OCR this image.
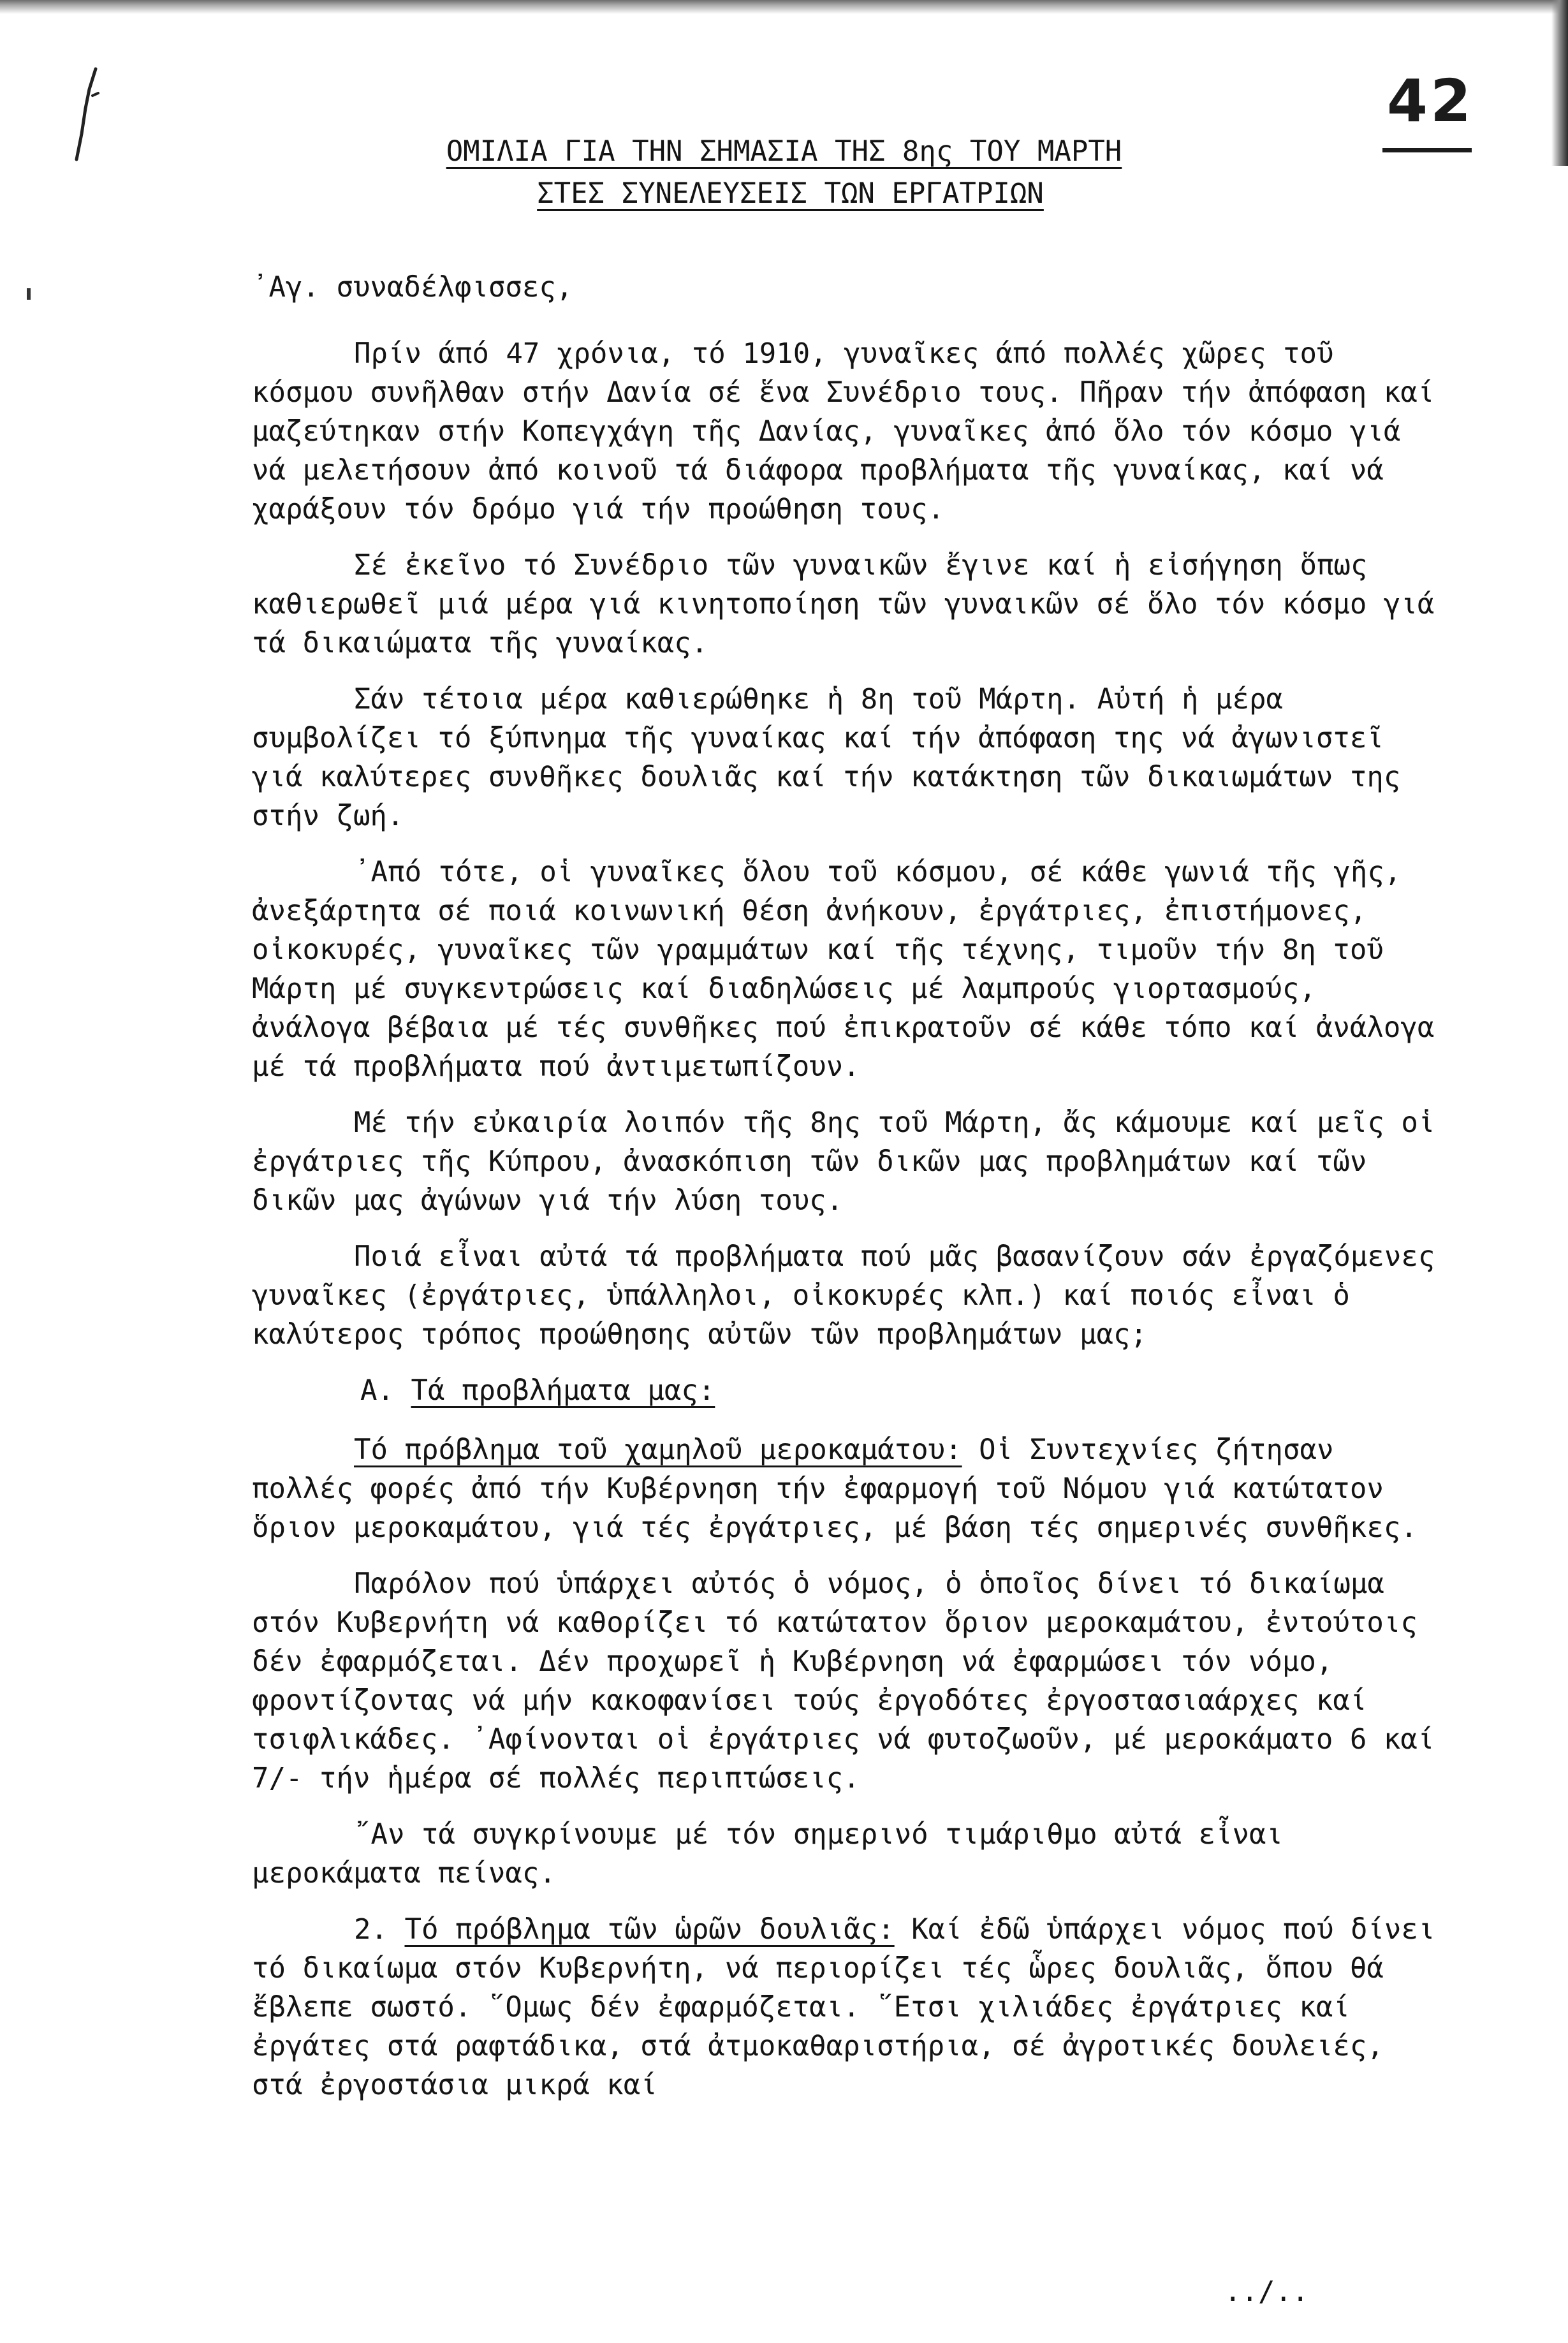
42
ΟΜΙΛΙΑ ΓΙΑ ΤΗΝ ΣΗΜΑΣΙΑ ΤΗΣ 8ης ΤΟΥ ΜΑΡΤΗ
ΣΤΕΣ ΣΥΝΕΛΕΥΣΕΙΣ ΤΩΝ ΕΡΓΑΤΡΙΩΝ

᾿Αγ. συναδέλφισσες,

Πρίν άπό 47 χρόνια, τό 1910, γυναῖκες άπό πολλές χῶρες τοῦ κόσμου συνῆλθαν στήν Δανία σέ ἕνα Συνέδριο τους. Πῆραν τήν ἀπόφαση καί μαζεύτηκαν στήν Κοπεγχάγη τῆς Δανίας, γυναῖκες ἀπό ὅλο τόν κόσμο γιά νά μελετήσουν ἀπό κοινοῦ τά διάφορα προβλήματα τῆς γυναίκας, καί νά χαράξουν τόν δρόμο γιά τήν προώθηση τους.

Σέ ἐκεῖνο τό Συνέδριο τῶν γυναικῶν ἔγινε καί ἡ εἰσήγηση ὅπως καθιερωθεῖ μιά μέρα γιά κινητοποίηση τῶν γυναικῶν σέ ὅλο τόν κόσμο γιά τά δικαιώματα τῆς γυναίκας.

Σάν τέτοια μέρα καθιερώθηκε ἡ 8η τοῦ Μάρτη. Αὐτή ἡ μέρα συμβολίζει τό ξύπνημα τῆς γυναίκας καί τήν ἀπόφαση της νά ἀγωνιστεῖ γιά καλύτερες συνθῆκες δουλιᾶς καί τήν κατάκτηση τῶν δικαιωμάτων της στήν ζωή.

᾿Από τότε, οἱ γυναῖκες ὅλου τοῦ κόσμου, σέ κάθε γωνιά τῆς γῆς, ἀνεξάρτητα σέ ποιά κοινωνική θέση ἀνήκουν, ἐργάτριες, ἐπιστήμονες, οἰκοκυρές, γυναῖκες τῶν γραμμάτων καί τῆς τέχνης, τιμοῦν τήν 8η τοῦ Μάρτη μέ συγκεντρώσεις καί διαδηλώσεις μέ λαμπρούς γιορτασμούς, ἀνάλογα βέβαια μέ τές συνθῆκες πού ἐπικρατοῦν σέ κάθε τόπο καί ἀνάλογα μέ τά προβλήματα πού ἀντιμετωπίζουν.

Μέ τήν εὐκαιρία λοιπόν τῆς 8ης τοῦ Μάρτη, ἄς κάμουμε καί μεῖς οἱ ἐργάτριες τῆς Κύπρου, ἀνασκόπιση τῶν δικῶν μας προβλημάτων καί τῶν δικῶν μας ἀγώνων γιά τήν λύση τους.

Ποιά εἶναι αὐτά τά προβλήματα πού μᾶς βασανίζουν σάν ἐργαζόμενες γυναῖκες (ἐργάτριες, ὑπάλληλοι, οἰκοκυρές κλπ.) καί ποιός εἶναι ὁ καλύτερος τρόπος προώθησης αὐτῶν τῶν προβλημάτων μας;

Α. Τά προβλήματα μας:

Τό πρόβλημα τοῦ χαμηλοῦ μεροκαμάτου: Οἱ Συντεχνίες ζήτησαν πολλές φορές ἀπό τήν Κυβέρνηση τήν ἐφαρμογή τοῦ Νόμου γιά κατώτατον ὅριον μεροκαμάτου, γιά τές ἐργάτριες, μέ βάση τές σημερινές συνθῆκες.

Παρόλον πού ὑπάρχει αὐτός ὁ νόμος, ὁ ὁποῖος δίνει τό δικαίωμα στόν Κυβερνήτη νά καθορίζει τό κατώτατον ὅριον μεροκαμάτου, ἐντούτοις δέν ἐφαρμόζεται. Δέν προχωρεῖ ἡ Κυβέρνηση νά ἐφαρμώσει τόν νόμο, φροντίζοντας νά μήν κακοφανίσει τούς ἐργοδότες ἐργοστασιαάρχες καί τσιφλικάδες. ᾿Αφίνονται οἱ ἐργάτριες νά φυτοζωοῦν, μέ μεροκάματο 6 καί 7/- τήν ἡμέρα σέ πολλές περιπτώσεις.

῎Αν τά συγκρίνουμε μέ τόν σημερινό τιμάριθμο αὐτά εἶναι μεροκάματα πείνας.

2. Τό πρόβλημα τῶν ὡρῶν δουλιᾶς: Καί ἐδῶ ὑπάρχει νόμος πού δίνει τό δικαίωμα στόν Κυβερνήτη, νά περιορίζει τές ὧρες δουλιᾶς, ὅπου θά ἔβλεπε σωστό. ῞Ομως δέν ἐφαρμόζεται. ῞Ετσι χιλιάδες ἐργάτριες καί ἐργάτες στά ραφτάδικα, στά ἀτμοκαθαριστήρια, σέ ἀγροτικές δουλειές, στά ἐργοστάσια μικρά καί

../..
